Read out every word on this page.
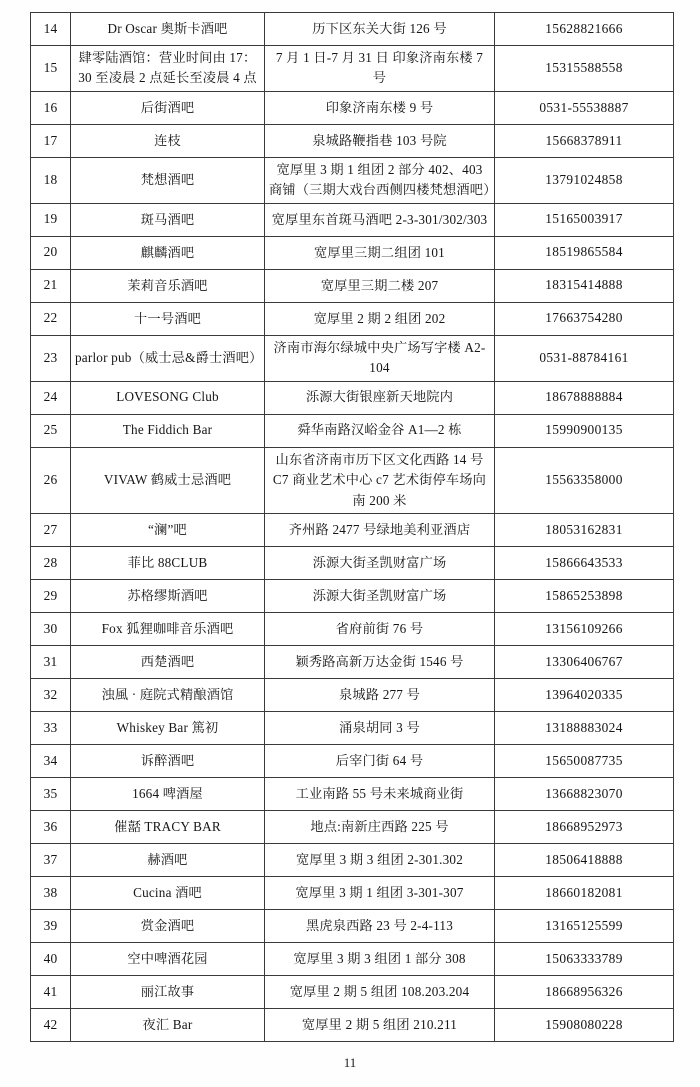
14	Dr Oscar 奥斯卡酒吧	历下区东关大街 126 号	15628821666
15	肆零陆酒馆：营业时间由 17：30 至凌晨 2 点延长至凌晨 4 点	7 月 1 日-7 月 31 日 印象济南东楼 7 号	15315588558
16	后街酒吧	印象济南东楼 9 号	0531-55538887
17	连枝	泉城路鞭指巷 103 号院	15668378911
18	梵想酒吧	宽厚里 3 期 1 组团 2 部分 402、403 商铺（三期大戏台西侧四楼梵想酒吧）	13791024858
19	斑马酒吧	宽厚里东首斑马酒吧 2-3-301/302/303	15165003917
20	麒麟酒吧	宽厚里三期二组团 101	18519865584
21	茉莉音乐酒吧	宽厚里三期二楼 207	18315414888
22	十一号酒吧	宽厚里 2 期 2 组团 202	17663754280
23	parlor pub（威士忌&爵士酒吧）	济南市海尔绿城中央广场写字楼 A2-104	0531-88784161
24	LOVESONG Club	泺源大街银座新天地院内	18678888884
25	The Fiddich Bar	舜华南路汉峪金谷 A1—2 栋	15990900135
26	VIVAW 鹤威士忌酒吧	山东省济南市历下区文化西路 14 号 C7 商业艺术中心 c7 艺术街停车场向南 200 米	15563358000
27	“澜”吧	齐州路 2477 号绿地美利亚酒店	18053162831
28	菲比 88CLUB	泺源大街圣凯财富广场	15866643533
29	苏格缪斯酒吧	泺源大街圣凯财富广场	15865253898
30	Fox 狐狸咖啡音乐酒吧	省府前街 76 号	13156109266
31	西楚酒吧	颖秀路高新万达金街 1546 号	13306406767
32	浊風 · 庭院式精酿酒馆	泉城路 277 号	13964020335
33	Whiskey Bar 篤初	涌泉胡同 3 号	13188883024
34	诉醉酒吧	后宰门街 64 号	15650087735
35	1664 啤酒屋	工业南路 55 号未来城商业街	13668823070
36	催嚭 TRACY BAR	地点:南新庄西路 225 号	18668952973
37	赫酒吧	宽厚里 3 期 3 组团 2-301.302	18506418888
38	Cucina 酒吧	宽厚里 3 期 1 组团 3-301-307	18660182081
39	赏金酒吧	黑虎泉西路 23 号 2-4-113	13165125599
40	空中啤酒花园	宽厚里 3 期 3 组团 1 部分 308	15063333789
41	丽江故事	宽厚里 2 期 5 组团 108.203.204	18668956326
42	夜汇 Bar	宽厚里 2 期 5 组团 210.211	15908080228
11
